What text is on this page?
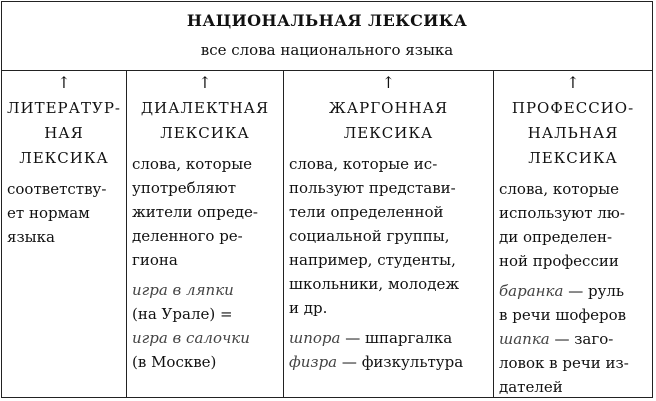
НАЦИОНАЛЬНАЯ ЛЕКСИКА
все слова национального языка
↑
ЛИТЕРАТУР-
НАЯ
ЛЕКСИКА
соответству-
ет нормам
языка
↑
ДИАЛЕКТНАЯ
ЛЕКСИКА
слова, которые
употребляют
жители опреде-
деленного ре-
гиона
игра в ляпки
(на Урале) =
игра в салочки
(в Москве)
↑
ЖАРГОННАЯ
ЛЕКСИКА
слова, которые ис-
пользуют представи-
тели определенной
социальной группы,
например, студенты,
школьники, молодеж
и др.
шпора — шпаргалка
физра — физкультура
↑
ПРОФЕССИО-
НАЛЬНАЯ
ЛЕКСИКА
слова, которые
используют лю-
ди определен-
ной профессии
баранка — руль
в речи шоферов
шапка — заго-
ловок в речи из-
дателей
